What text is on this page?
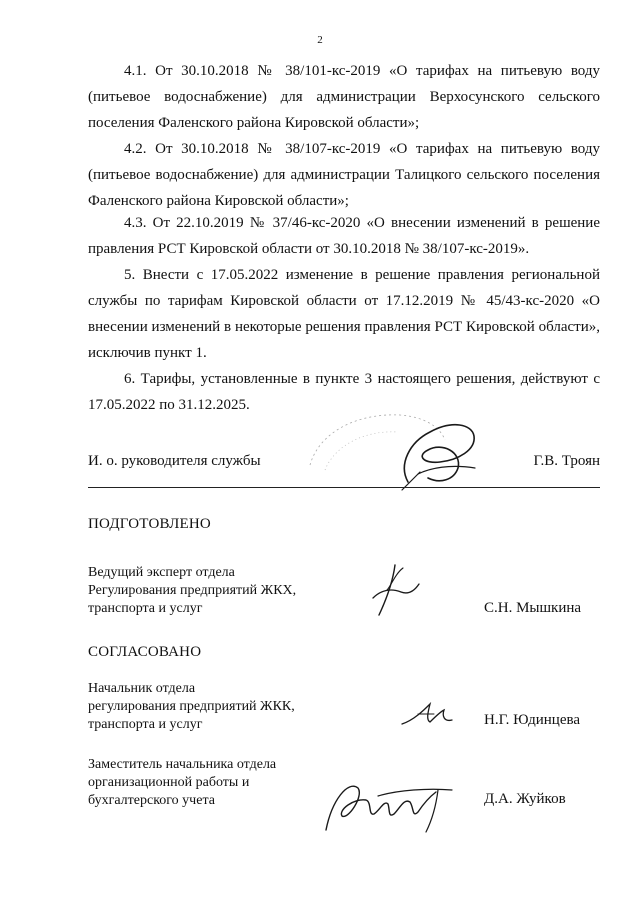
2
4.1. От 30.10.2018 № 38/101-кс-2019 «О тарифах на питьевую воду (питьевое водоснабжение) для администрации Верхосунского сельского поселения Фаленского района Кировской области»;
4.2. От 30.10.2018 № 38/107-кс-2019 «О тарифах на питьевую воду (питьевое водоснабжение) для администрации Талицкого сельского поселения Фаленского района Кировской области»;
4.3. От 22.10.2019 № 37/46-кс-2020 «О внесении изменений в решение правления РСТ Кировской области от 30.10.2018 № 38/107-кс-2019».
5. Внести с 17.05.2022 изменение в решение правления региональной службы по тарифам Кировской области от 17.12.2019 № 45/43-кс-2020 «О внесении изменений в некоторые решения правления РСТ Кировской области», исключив пункт 1.
6. Тарифы, установленные в пункте 3 настоящего решения, действуют с 17.05.2022 по 31.12.2025.
И. о. руководителя службы	Г.В. Троян
ПОДГОТОВЛЕНО
Ведущий эксперт отдела
Регулирования предприятий ЖКХ,
транспорта и услуг	С.Н. Мышкина
СОГЛАСОВАНО
Начальник отдела
регулирования предприятий ЖКК,
транспорта и услуг	Н.Г. Юдинцева
Заместитель начальника отдела
организационной работы и
бухгалтерского учета	Д.А. Жуйков
